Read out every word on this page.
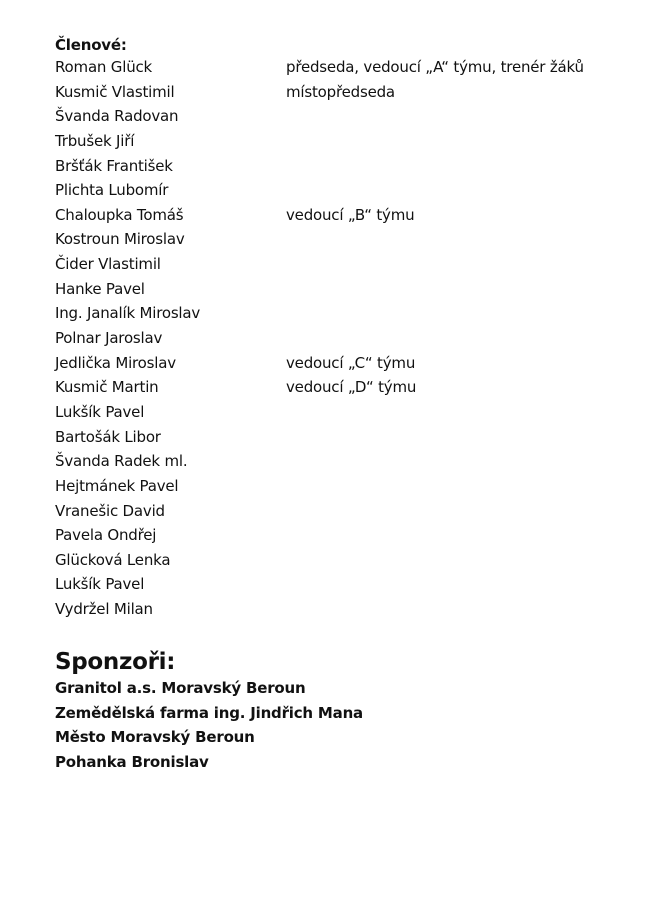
Členové:
Roman Glück	předseda, vedoucí „A“ týmu, trenér žáků
Kusmič Vlastimil	místopředseda
Švanda Radovan
Trbušek Jiří
Bršťák František
Plichta Lubomír
Chaloupka Tomáš	vedoucí „B“ týmu
Kostroun Miroslav
Čider Vlastimil
Hanke Pavel
Ing. Janalík Miroslav
Polnar Jaroslav
Jedlička Miroslav	vedoucí „C“ týmu
Kusmič Martin	vedoucí „D“ týmu
Lukšík Pavel
Bartošák Libor
Švanda Radek ml.
Hejtmánek Pavel
Vranešic David
Pavela Ondřej
Glücková Lenka
Lukšík Pavel
Vydržel Milan
Sponzoři:
Granitol a.s. Moravský Beroun
Zemědělská farma ing. Jindřich Mana
Město Moravský Beroun
Pohanka Bronislav
